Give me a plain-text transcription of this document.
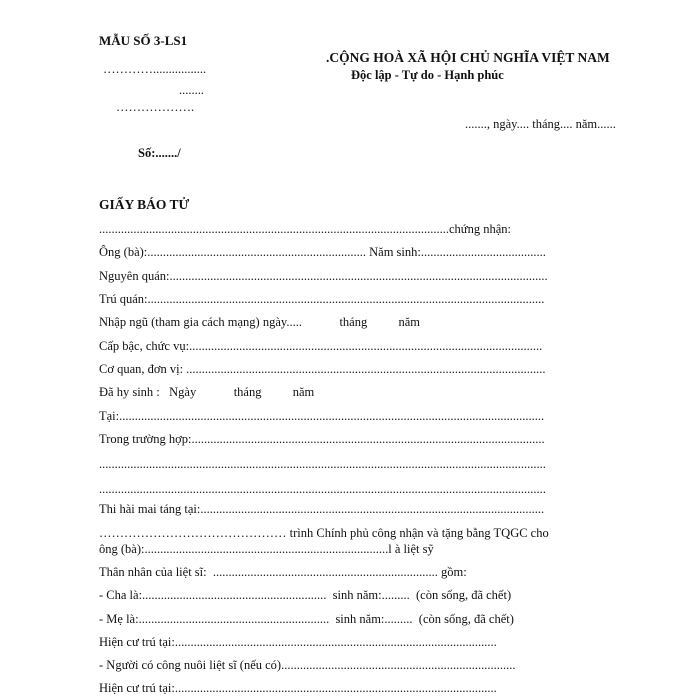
MẪU SỐ 3-LS1
………….................
........
……………….
.CỘNG HOÀ XÃ HỘI CHỦ NGHĨA VIỆT NAM
Độc lập - Tự do - Hạnh phúc
......., ngày.... tháng.... năm......
Số:......./
GIẤY BÁO TỬ
................................................................................................................chứng nhận:
Ông (bà):...................................................................... Năm sinh:........................................
Nguyên quán:.........................................................................................................................
Trú quán:...............................................................................................................................
Nhập ngũ (tham gia cách mạng) ngày.....            tháng          năm
Cấp bậc, chức vụ:.................................................................................................................
Cơ quan, đơn vị: ...................................................................................................................
Đã hy sinh :   Ngày            tháng          năm
Tại:........................................................................................................................................
Trong trường hợp:.................................................................................................................
...............................................................................................................................................
...............................................................................................................................................
Thi hài mai táng tại:..............................................................................................................
……………………………………… trình Chính phủ công nhận và tặng bằng TQGC cho
ông (bà):..............................................................................l à liệt sỹ
Thân nhân của liệt sĩ:  ........................................................................ gồm:
- Cha là:...........................................................  sinh năm:.........  (còn sống, đã chết)
- Mẹ là:.............................................................  sinh năm:.........  (còn sống, đã chết)
Hiện cư trú tại:.......................................................................................................
- Người có công nuôi liệt sĩ (nếu có)...........................................................................
Hiện cư trú tại:.......................................................................................................
